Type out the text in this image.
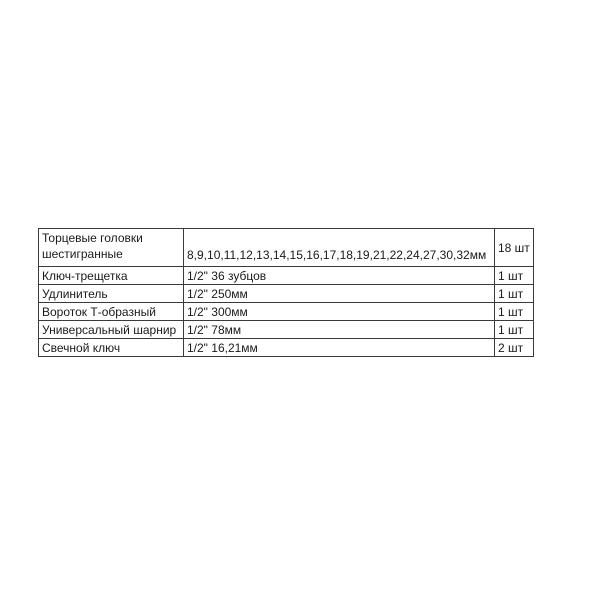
Торцевые головки шестигранные	8,9,10,11,12,13,14,15,16,17,18,19,21,22,24,27,30,32мм	18 шт
Ключ-трещетка	1/2" 36 зубцов	1 шт
Удлинитель	1/2" 250мм	1 шт
Вороток Т-образный	1/2" 300мм	1 шт
Универсальный шарнир	1/2" 78мм	1 шт
Свечной ключ	1/2" 16,21мм	2 шт
